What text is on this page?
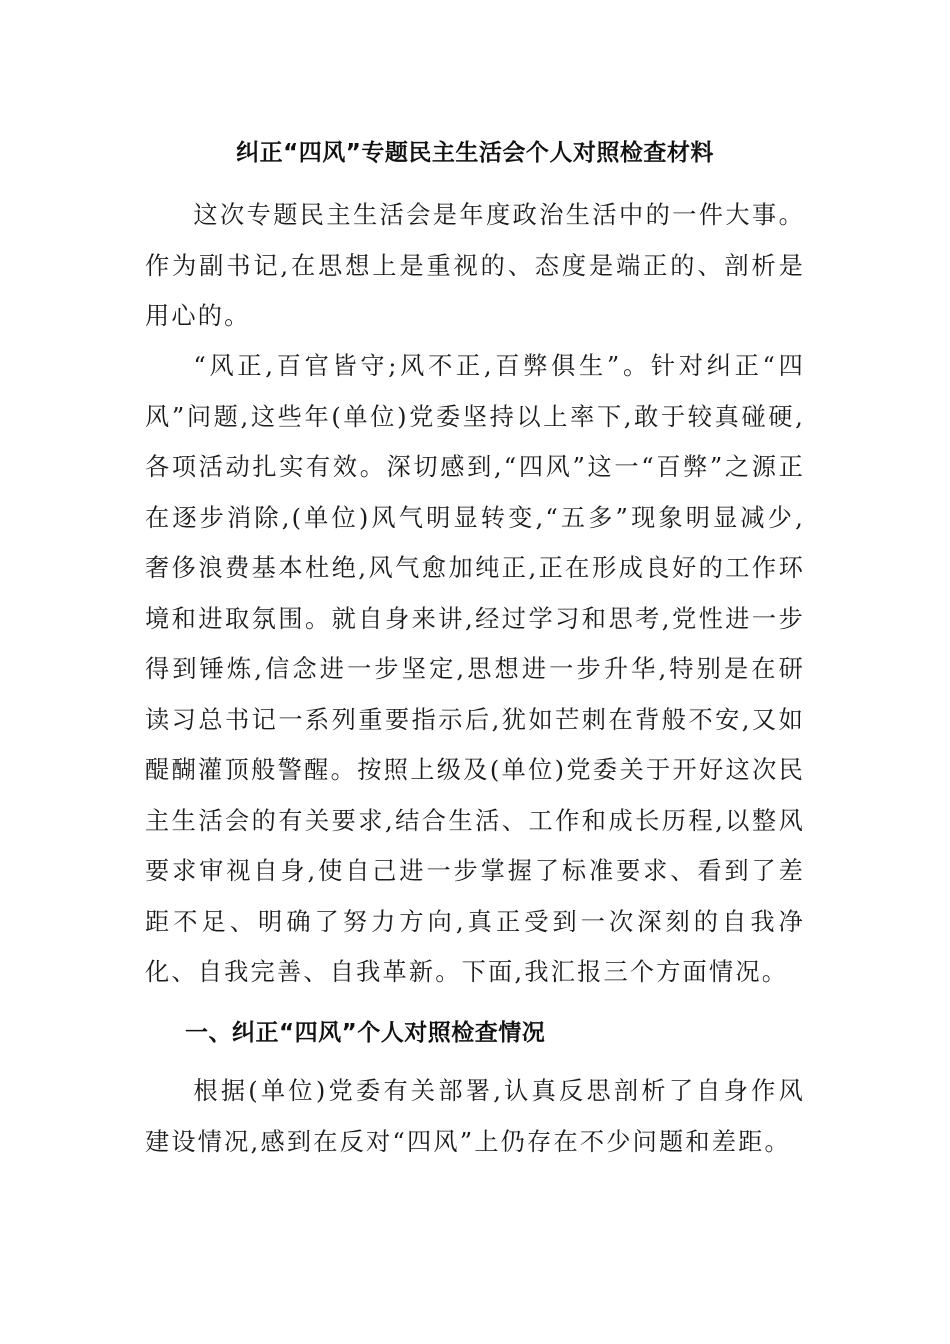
纠正“四风”专题民主生活会个人对照检查材料

这次专题民主生活会是年度政治生活中的一件大事。作为副书记,在思想上是重视的、态度是端正的、剖析是用心的。

“风正,百官皆守;风不正,百弊俱生”。针对纠正“四风”问题,这些年(单位)党委坚持以上率下,敢于较真碰硬,各项活动扎实有效。深切感到,“四风”这一“百弊”之源正在逐步消除,(单位)风气明显转变,“五多”现象明显减少,奢侈浪费基本杜绝,风气愈加纯正,正在形成良好的工作环境和进取氛围。就自身来讲,经过学习和思考,党性进一步得到锤炼,信念进一步坚定,思想进一步升华,特别是在研读习总书记一系列重要指示后,犹如芒刺在背般不安,又如醍醐灌顶般警醒。按照上级及(单位)党委关于开好这次民主生活会的有关要求,结合生活、工作和成长历程,以整风要求审视自身,使自己进一步掌握了标准要求、看到了差距不足、明确了努力方向,真正受到一次深刻的自我净化、自我完善、自我革新。下面,我汇报三个方面情况。

一、纠正“四风”个人对照检查情况

根据(单位)党委有关部署,认真反思剖析了自身作风建设情况,感到在反对“四风”上仍存在不少问题和差距。
